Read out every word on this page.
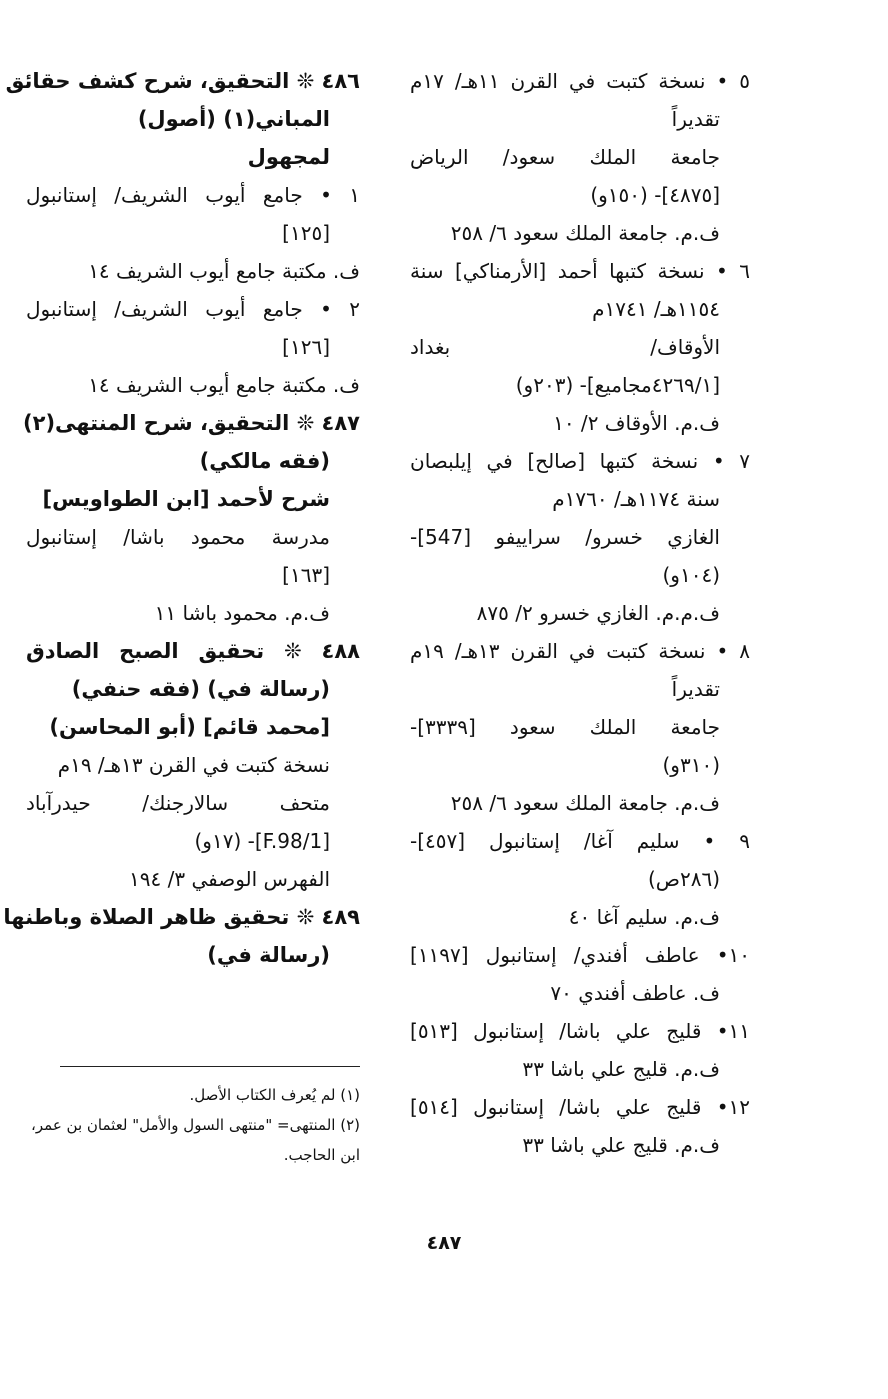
٥ • نسخة كتبت في القرن ١١هـ/ ١٧م
تقديراً
جامعة الملك سعود/ الرياض
[٤٨٧٥]- (١٥٠و)
ف.م. جامعة الملك سعود ٦/ ٢٥٨
٦ • نسخة كتبها أحمد [الأرمناكي] سنة
١١٥٤هـ/ ١٧٤١م
الأوقاف/ بغداد
[٤٢٦٩/١مجاميع]- (٢٠٣و)
ف.م. الأوقاف ٢/ ١٠
٧ • نسخة كتبها [صالح] في إيلبصان
سنة ١١٧٤هـ/ ١٧٦٠م
الغازي خسرو/ سراييفو [547]-
(١٠٤و)
ف.م.م. الغازي خسرو ٢/ ٨٧٥
٨ • نسخة كتبت في القرن ١٣هـ/ ١٩م
تقديراً
جامعة الملك سعود [٣٣٣٩]-
(٣١٠و)
ف.م. جامعة الملك سعود ٦/ ٢٥٨
٩ • سليم آغا/ إستانبول [٤٥٧]-
(٢٨٦ص)
ف.م. سليم آغا ٤٠
١٠• عاطف أفندي/ إستانبول [١١٩٧]
ف. عاطف أفندي ٧٠
١١• قليج علي باشا/ إستانبول [٥١٣]
ف.م. قليج علي باشا ٣٣
١٢• قليج علي باشا/ إستانبول [٥١٤]
ف.م. قليج علي باشا ٣٣
٤٨٦ ❊ التحقيق، شرح كشف حقائق
المباني(١) (أصول)
لمجهول
١ • جامع أيوب الشريف/ إستانبول
[١٢٥]
ف. مكتبة جامع أيوب الشريف ١٤
٢ • جامع أيوب الشريف/ إستانبول
[١٢٦]
ف. مكتبة جامع أيوب الشريف ١٤
٤٨٧ ❊ التحقيق، شرح المنتهى(٢)
(فقه مالكي)
شرح لأحمد [ابن الطواويس]
مدرسة محمود باشا/ إستانبول
[١٦٣]
ف.م. محمود باشا ١١
٤٨٨ ❊ تحقيق الصبح الصادق
(رسالة في) (فقه حنفي)
[محمد قائم] (أبو المحاسن)
نسخة كتبت في القرن ١٣هـ/ ١٩م
متحف سالارجنك/ حيدرآباد
[F.98/1]- (١٧و)
الفهرس الوصفي ٣/ ١٩٤
٤٨٩ ❊ تحقيق ظاهر الصلاة وباطنها
(رسالة في)
(١) لم يُعرف الكتاب الأصل.
(٢) المنتهى= "منتهى السول والأمل" لعثمان بن عمر، ابن الحاجب.
٤٨٧
